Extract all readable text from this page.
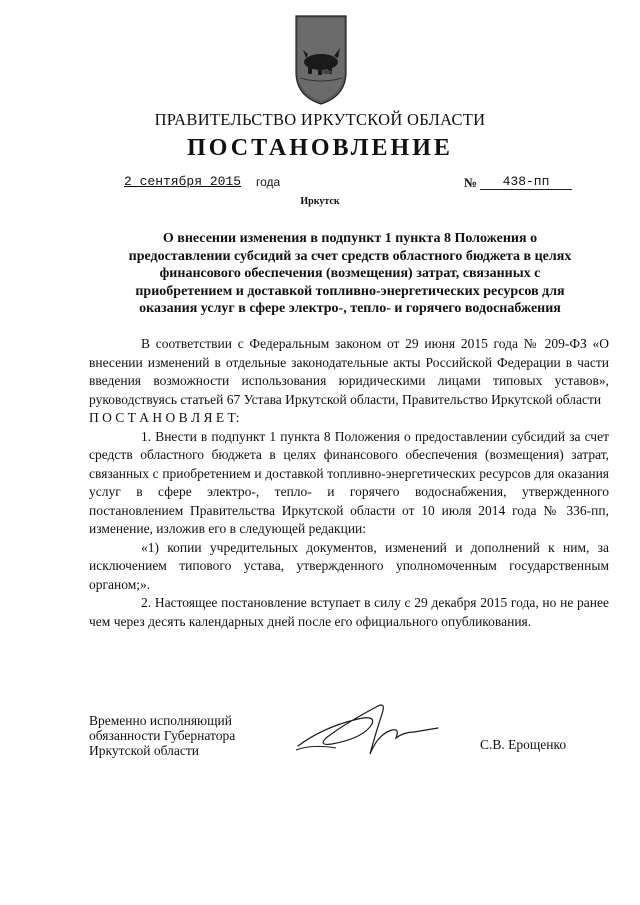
ПРАВИТЕЛЬСТВО ИРКУТСКОЙ ОБЛАСТИ
ПОСТАНОВЛЕНИЕ
2 сентября 2015 года	№	438-пп
Иркутск
О внесении изменения в подпункт 1 пункта 8 Положения о
предоставлении субсидий за счет средств областного бюджета в целях
финансового обеспечения (возмещения) затрат, связанных с
приобретением и доставкой топливно-энергетических ресурсов для
оказания услуг в сфере электро-, тепло- и горячего водоснабжения

В соответствии с Федеральным законом от 29 июня 2015 года № 209-ФЗ «О внесении изменений в отдельные законодательные акты Российской Федерации в части введения возможности использования юридическими лицами типовых уставов», руководствуясь статьей 67 Устава Иркутской области, Правительство Иркутской области

П О С Т А Н О В Л Я Е Т:

1. Внести в подпункт 1 пункта 8 Положения о предоставлении субсидий за счет средств областного бюджета в целях финансового обеспечения (возмещения) затрат, связанных с приобретением и доставкой топливно-энергетических ресурсов для оказания услуг в сфере электро-, тепло- и горячего водоснабжения, утвержденного постановлением Правительства Иркутской области от 10 июля 2014 года № 336-пп, изменение, изложив его в следующей редакции:

«1) копии учредительных документов, изменений и дополнений к ним, за исключением типового устава, утвержденного уполномоченным государственным органом;».

2. Настоящее постановление вступает в силу с 29 декабря 2015 года, но не ранее чем через десять календарных дней после его официального опубликования.

Временно исполняющий
обязанности Губернатора
Иркутской области	С.В. Ерощенко
